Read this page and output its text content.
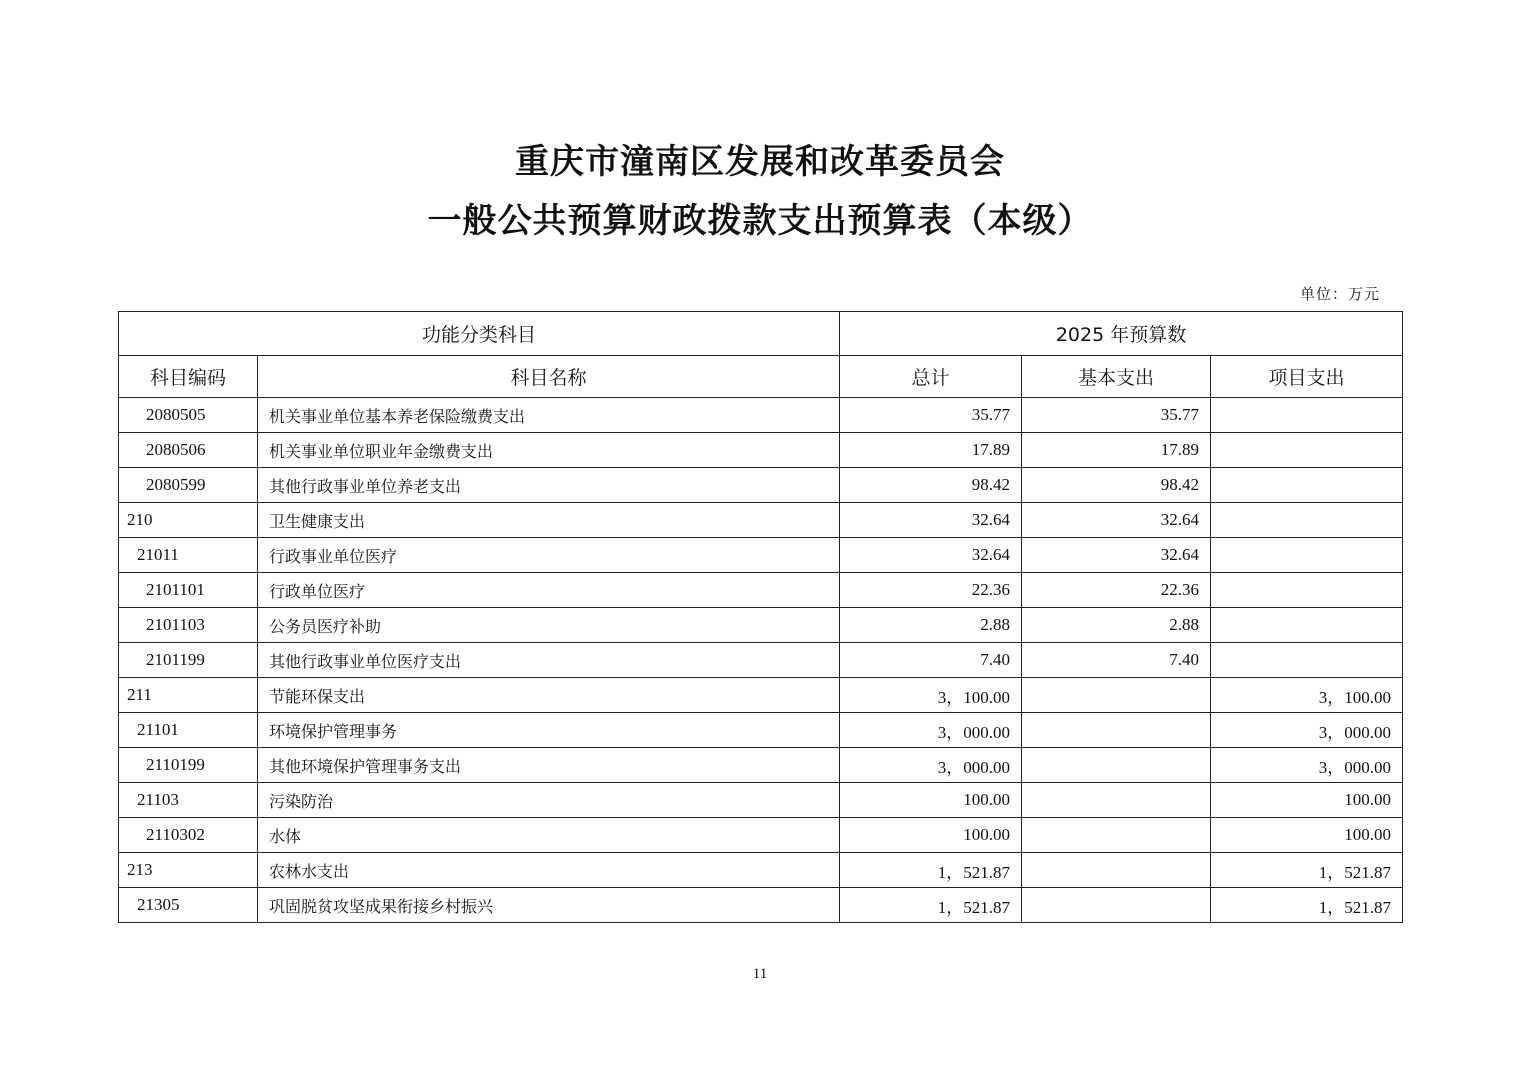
重庆市潼南区发展和改革委员会
一般公共预算财政拨款支出预算表（本级）
单位：万元
功能分类科目		2025 年预算数		
科目编码	科目名称	总计	基本支出	项目支出
2080505	机关事业单位基本养老保险缴费支出	35.77	35.77	
2080506	机关事业单位职业年金缴费支出	17.89	17.89	
2080599	其他行政事业单位养老支出	98.42	98.42	
210	卫生健康支出	32.64	32.64	
21011	行政事业单位医疗	32.64	32.64	
2101101	行政单位医疗	22.36	22.36	
2101103	公务员医疗补助	2.88	2.88	
2101199	其他行政事业单位医疗支出	7.40	7.40	
211	节能环保支出	3，100.00		3，100.00
21101	环境保护管理事务	3，000.00		3，000.00
2110199	其他环境保护管理事务支出	3，000.00		3，000.00
21103	污染防治	100.00		100.00
2110302	水体	100.00		100.00
213	农林水支出	1，521.87		1，521.87
21305	巩固脱贫攻坚成果衔接乡村振兴	1，521.87		1，521.87
11
